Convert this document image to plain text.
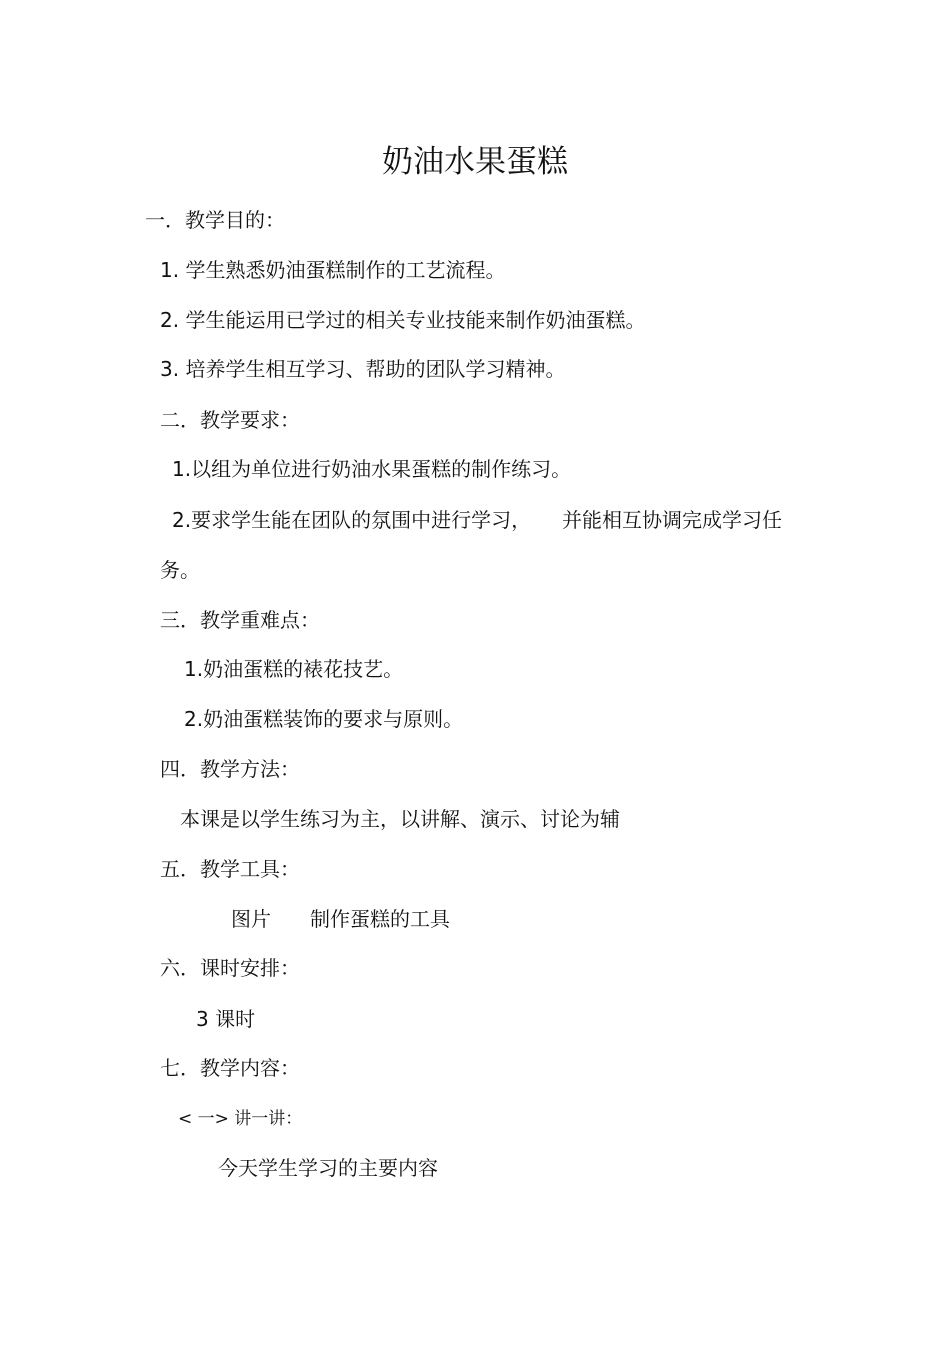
奶油水果蛋糕
一．教学目的：
1. 学生熟悉奶油蛋糕制作的工艺流程。
2. 学生能运用已学过的相关专业技能来制作奶油蛋糕。
3. 培养学生相互学习、帮助的团队学习精神。
二．教学要求：
1.以组为单位进行奶油水果蛋糕的制作练习。
2.要求学生能在团队的氛围中进行学习， 并能相互协调完成学习任
务。
三．教学重难点：
1.奶油蛋糕的裱花技艺。
2.奶油蛋糕装饰的要求与原则。
四．教学方法：
本课是以学生练习为主，以讲解、演示、讨论为辅
五．教学工具：
图片 制作蛋糕的工具
六．课时安排：
3 课时
七．教学内容：
< 一> 讲一讲：
今天学生学习的主要内容
